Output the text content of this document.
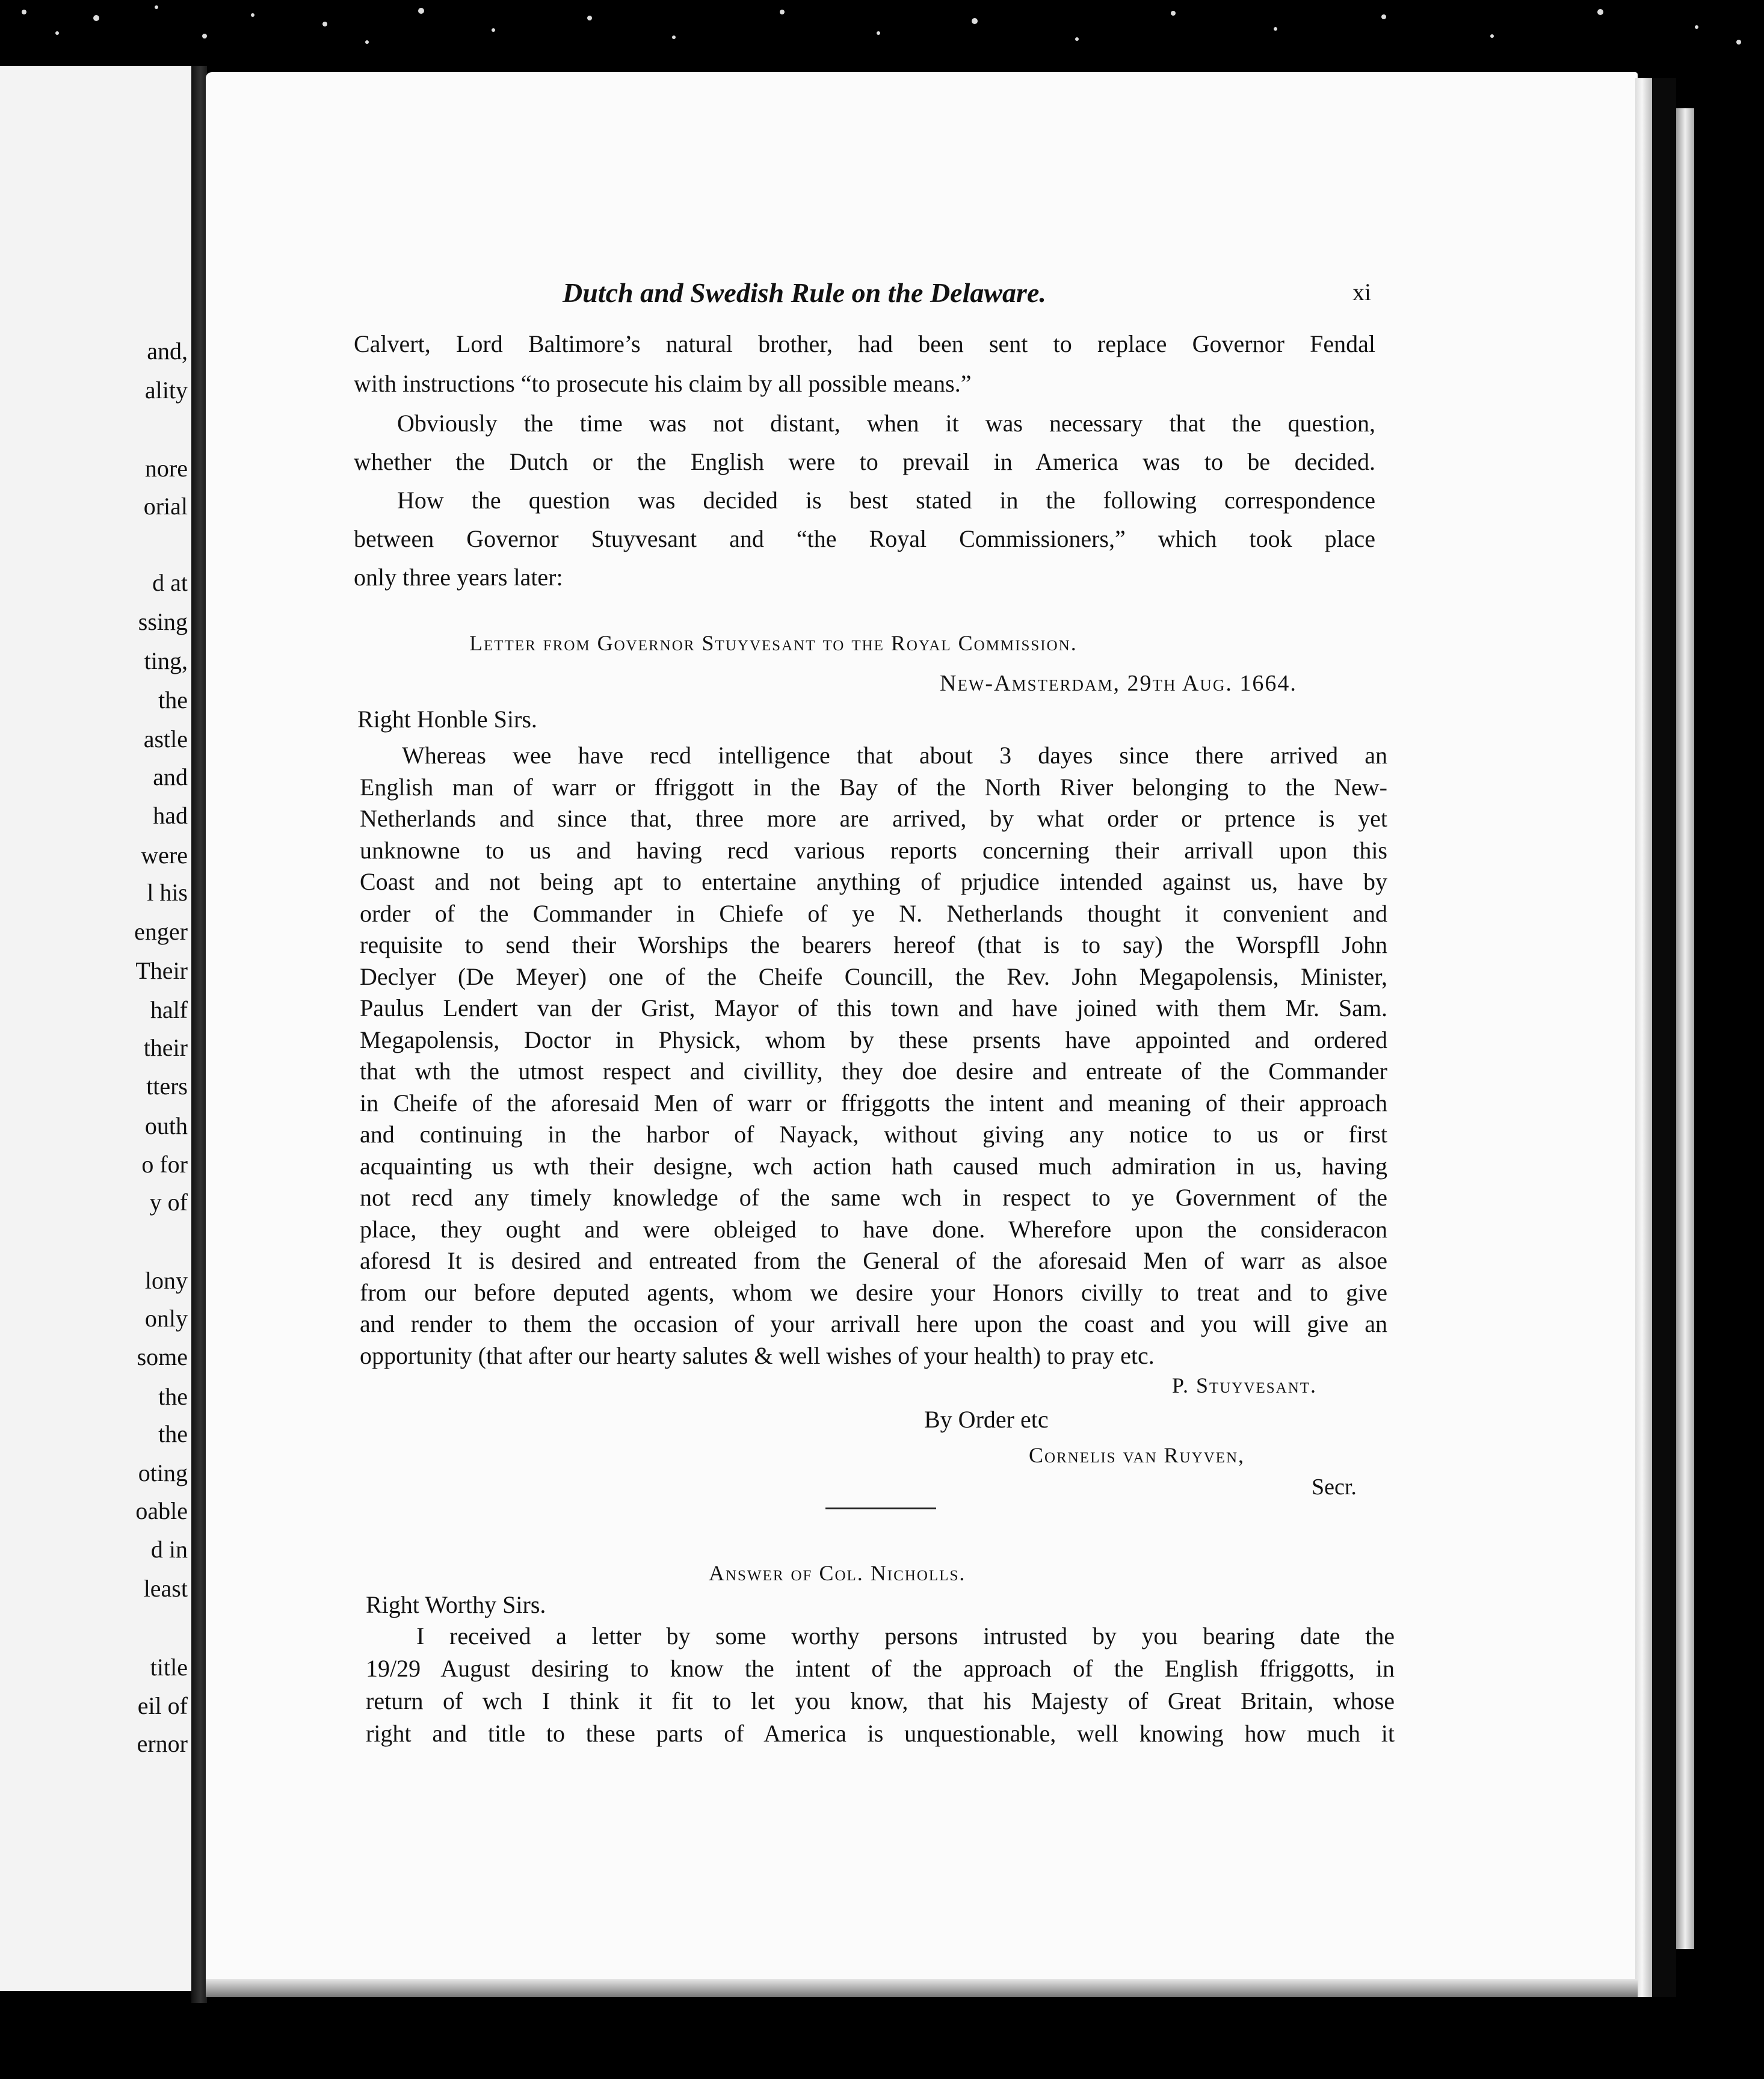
and,
ality
nore
orial
d at
ssing
ting,
the
astle
and
had
were
l his
enger
Their
half
their
tters
outh
o for
y of
lony
only
some
the
the
oting
oable
d in
least
title
eil of
ernor
Dutch and Swedish Rule on the Delaware.	xi
Calvert, Lord Baltimore’s natural brother, had been sent to replace Governor Fendal
with instructions “to prosecute his claim by all possible means.”
Obviously the time was not distant, when it was necessary that the question,
whether the Dutch or the English were to prevail in America was to be decided.
How the question was decided is best stated in the following correspondence
between Governor Stuyvesant and “the Royal Commissioners,” which took place
only three years later:
Letter from Governor Stuyvesant to the Royal Commission.
New-Amsterdam, 29th Aug. 1664.
Right Honble Sirs.
Whereas wee have recd intelligence that about 3 dayes since there arrived an
English man of warr or ffriggott in the Bay of the North River belonging to the New-
Netherlands and since that, three more are arrived, by what order or prtence is yet
unknowne to us and having recd various reports concerning their arrivall upon this
Coast and not being apt to entertaine anything of prjudice intended against us, have by
order of the Commander in Chiefe of ye N. Netherlands thought it convenient and
requisite to send their Worships the bearers hereof (that is to say) the Worspfll John
Declyer (De Meyer) one of the Cheife Councill, the Rev. John Megapolensis, Minister,
Paulus Lendert van der Grist, Mayor of this town and have joined with them Mr. Sam.
Megapolensis, Doctor in Physick, whom by these prsents have appointed and ordered
that wth the utmost respect and civillity, they doe desire and entreate of the Commander
in Cheife of the aforesaid Men of warr or ffriggotts the intent and meaning of their approach
and continuing in the harbor of Nayack, without giving any notice to us or first
acquainting us wth their designe, wch action hath caused much admiration in us, having
not recd any timely knowledge of the same wch in respect to ye Government of the
place, they ought and were obleiged to have done. Wherefore upon the consideracon
aforesd It is desired and entreated from the General of the aforesaid Men of warr as alsoe
from our before deputed agents, whom we desire your Honors civilly to treat and to give
and render to them the occasion of your arrivall here upon the coast and you will give an
opportunity (that after our hearty salutes & well wishes of your health) to pray etc.
P. Stuyvesant.
By Order etc
Cornelis van Ruyven,
Secr.
Answer of Col. Nicholls.
Right Worthy Sirs.
I received a letter by some worthy persons intrusted by you bearing date the
19/29 August desiring to know the intent of the approach of the English ffriggotts, in
return of wch I think it fit to let you know, that his Majesty of Great Britain, whose
right and title to these parts of America is unquestionable, well knowing how much it
